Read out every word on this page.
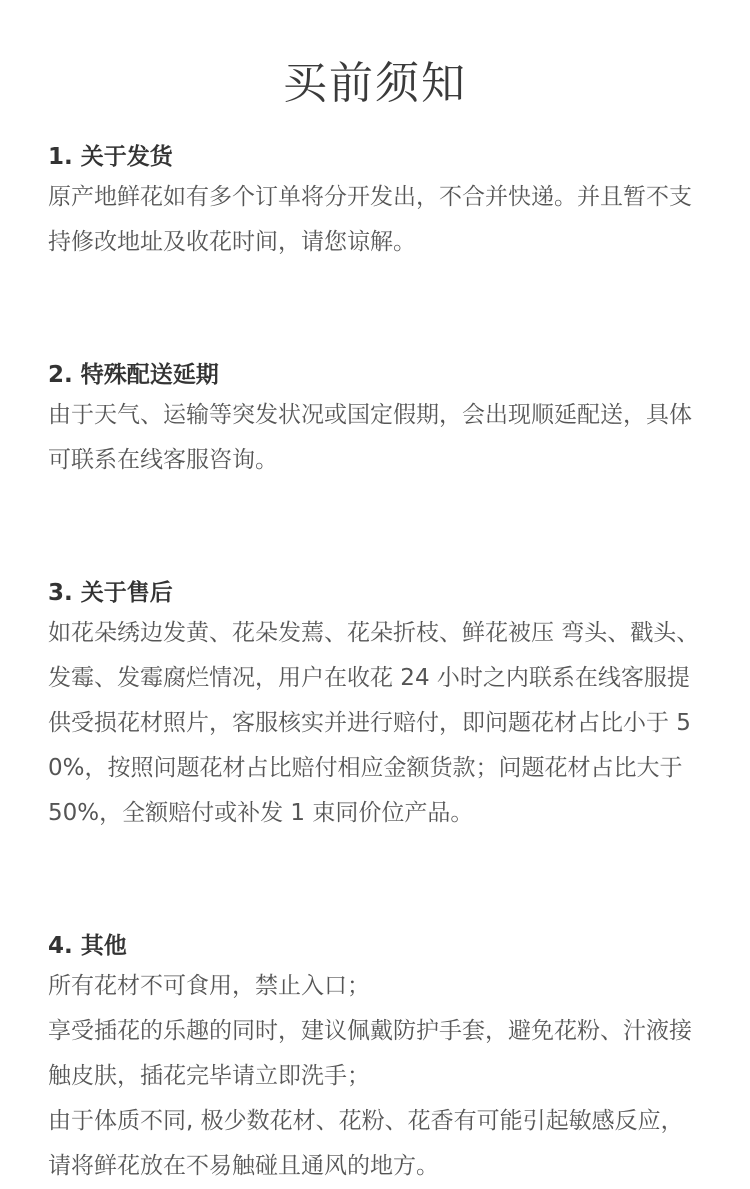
买前须知
1. 关于发货

原产地鲜花如有多个订单将分开发出，不合并快递。并且暂不支持修改地址及收花时间，请您谅解。

2. 特殊配送延期

由于天气、运输等突发状况或国定假期，会出现顺延配送，具体可联系在线客服咨询。

3. 关于售后

如花朵绣边发黄、花朵发蔫、花朵折枝、鲜花被压 弯头、戳头、发霉、发霉腐烂情况，用户在收花 24 小时之内联系在线客服提供受损花材照片，客服核实并进行赔付，即问题花材占比小于 50%，按照问题花材占比赔付相应金额货款；问题花材占比大于 50%，全额赔付或补发 1 束同价位产品。

4. 其他

所有花材不可食用，禁止入口；

享受插花的乐趣的同时，建议佩戴防护手套，避免花粉、汁液接触皮肤，插花完毕请立即洗手；

由于体质不同, 极少数花材、花粉、花香有可能引起敏感反应，请将鲜花放在不易触碰且通风的地方。
